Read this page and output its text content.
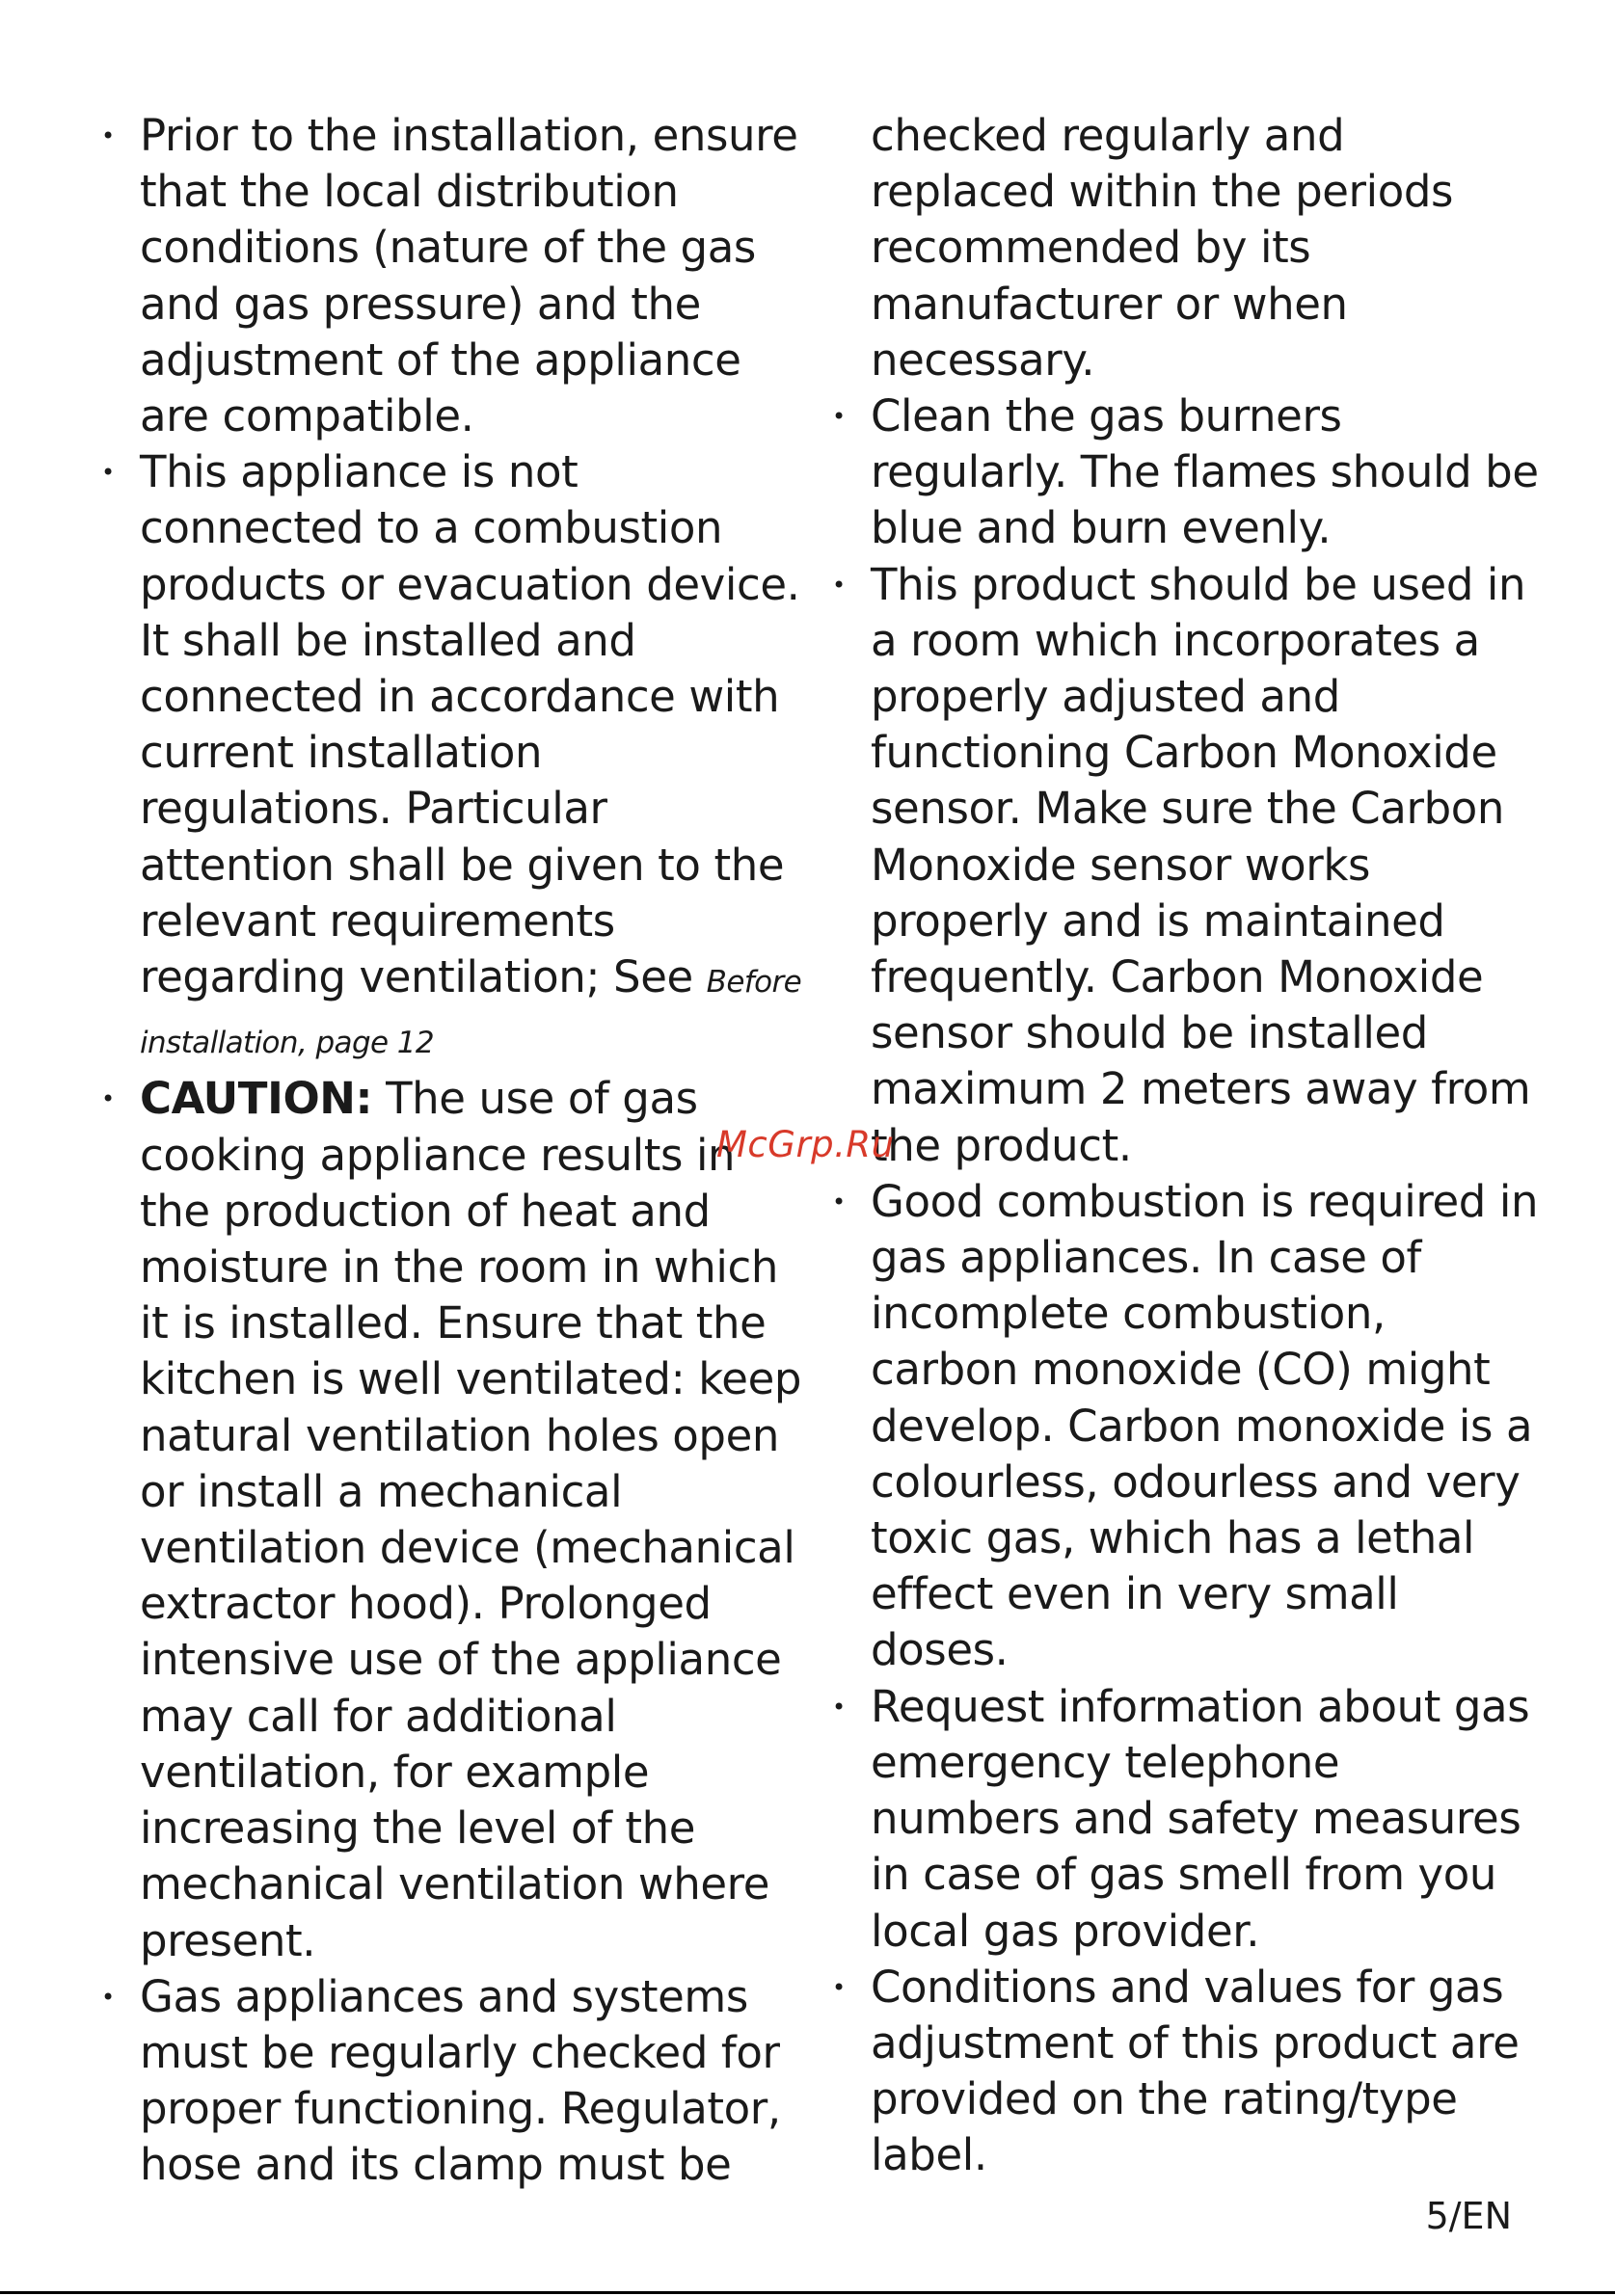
• Prior to the installation, ensure that the local distribution conditions (nature of the gas and gas pressure) and the adjustment of the appliance are compatible.
• This appliance is not connected to a combustion products or evacuation device. It shall be installed and connected in accordance with current installation regulations. Particular attention shall be given to the relevant requirements regarding ventilation; See Before installation, page 12
• CAUTION: The use of gas cooking appliance results in the production of heat and moisture in the room in which it is installed. Ensure that the kitchen is well ventilated: keep natural ventilation holes open or install a mechanical ventilation device (mechanical extractor hood). Prolonged intensive use of the appliance may call for additional ventilation, for example increasing the level of the mechanical ventilation where present.
• Gas appliances and systems must be regularly checked for proper functioning. Regulator, hose and its clamp must be
checked regularly and replaced within the periods recommended by its manufacturer or when necessary.
• Clean the gas burners regularly. The flames should be blue and burn evenly.
• This product should be used in a room which incorporates a properly adjusted and functioning Carbon Monoxide sensor. Make sure the Carbon Monoxide sensor works properly and is maintained frequently. Carbon Monoxide sensor should be installed maximum 2 meters away from the product.
• Good combustion is required in gas appliances. In case of incomplete combustion, carbon monoxide (CO) might develop. Carbon monoxide is a colourless, odourless and very toxic gas, which has a lethal effect even in very small doses.
• Request information about gas emergency telephone numbers and safety measures in case of gas smell from you local gas provider.
• Conditions and values for gas adjustment of this product are provided on the rating/type label.
McGrp.Ru
5/EN
